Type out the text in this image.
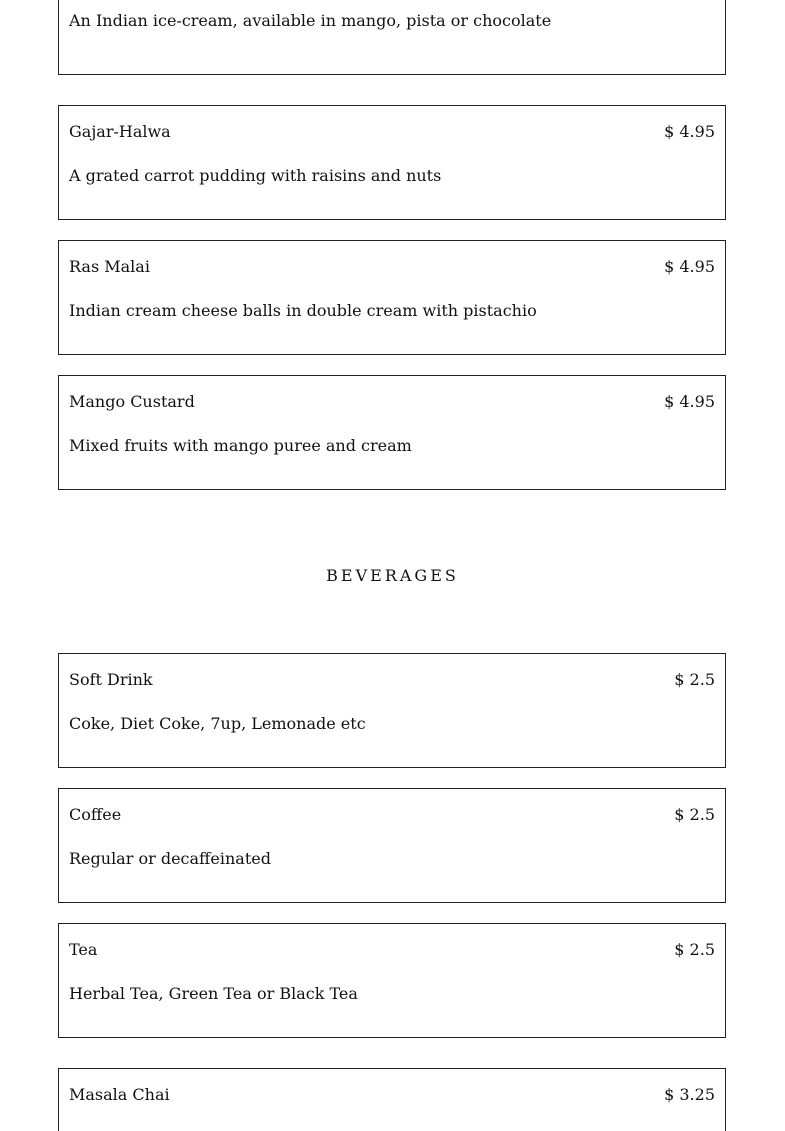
An Indian ice-cream, available in mango, pista or chocolate
Gajar-Halwa	$ 4.95
A grated carrot pudding with raisins and nuts
Ras Malai	$ 4.95
Indian cream cheese balls in double cream with pistachio
Mango Custard	$ 4.95
Mixed fruits with mango puree and cream
BEVERAGES
Soft Drink	$ 2.5
Coke, Diet Coke, 7up, Lemonade etc
Coffee	$ 2.5
Regular or decaffeinated
Tea	$ 2.5
Herbal Tea, Green Tea or Black Tea
Masala Chai	$ 3.25
